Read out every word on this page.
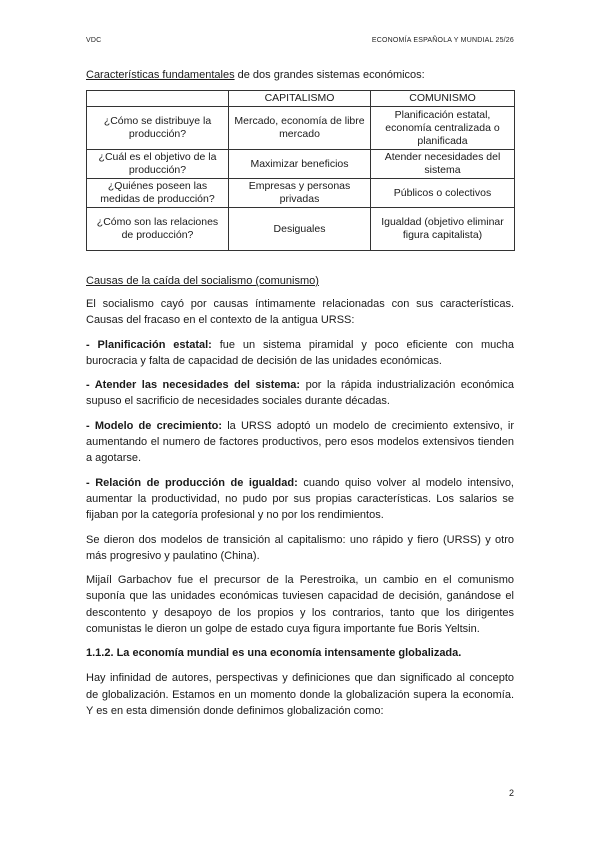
VDC	ECONOMÍA ESPAÑOLA Y MUNDIAL 25/26
Características fundamentales de dos grandes sistemas económicos:
	CAPITALISMO	COMUNISMO
¿Cómo se distribuye la producción?	Mercado, economía de libre mercado	Planificación estatal, economía centralizada o planificada
¿Cuál es el objetivo de la producción?	Maximizar beneficios	Atender necesidades del sistema
¿Quiénes poseen las medidas de producción?	Empresas y personas privadas	Públicos o colectivos
¿Cómo son las relaciones de producción?	Desiguales	Igualdad (objetivo eliminar figura capitalista)
Causas de la caída del socialismo (comunismo)

El socialismo cayó por causas íntimamente relacionadas con sus características. Causas del fracaso en el contexto de la antigua URSS:

- Planificación estatal: fue un sistema piramidal y poco eficiente con mucha burocracia y falta de capacidad de decisión de las unidades económicas.

- Atender las necesidades del sistema: por la rápida industrialización económica supuso el sacrificio de necesidades sociales durante décadas.

- Modelo de crecimiento: la URSS adoptó un modelo de crecimiento extensivo, ir aumentando el numero de factores productivos, pero esos modelos extensivos tienden a agotarse.

- Relación de producción de igualdad: cuando quiso volver al modelo intensivo, aumentar la productividad, no pudo por sus propias características. Los salarios se fijaban por la categoría profesional y no por los rendimientos.

Se dieron dos modelos de transición al capitalismo: uno rápido y fiero (URSS) y otro más progresivo y paulatino (China).

Mijaíl Garbachov fue el precursor de la Perestroika, un cambio en el comunismo suponía que las unidades económicas tuviesen capacidad de decisión, ganándose el descontento y desapoyo de los propios y los contrarios, tanto que los dirigentes comunistas le dieron un golpe de estado cuya figura importante fue Boris Yeltsin.

1.1.2. La economía mundial es una economía intensamente globalizada.

Hay infinidad de autores, perspectivas y definiciones que dan significado al concepto de globalización. Estamos en un momento donde la globalización supera la economía. Y es en esta dimensión donde definimos globalización como:

2
